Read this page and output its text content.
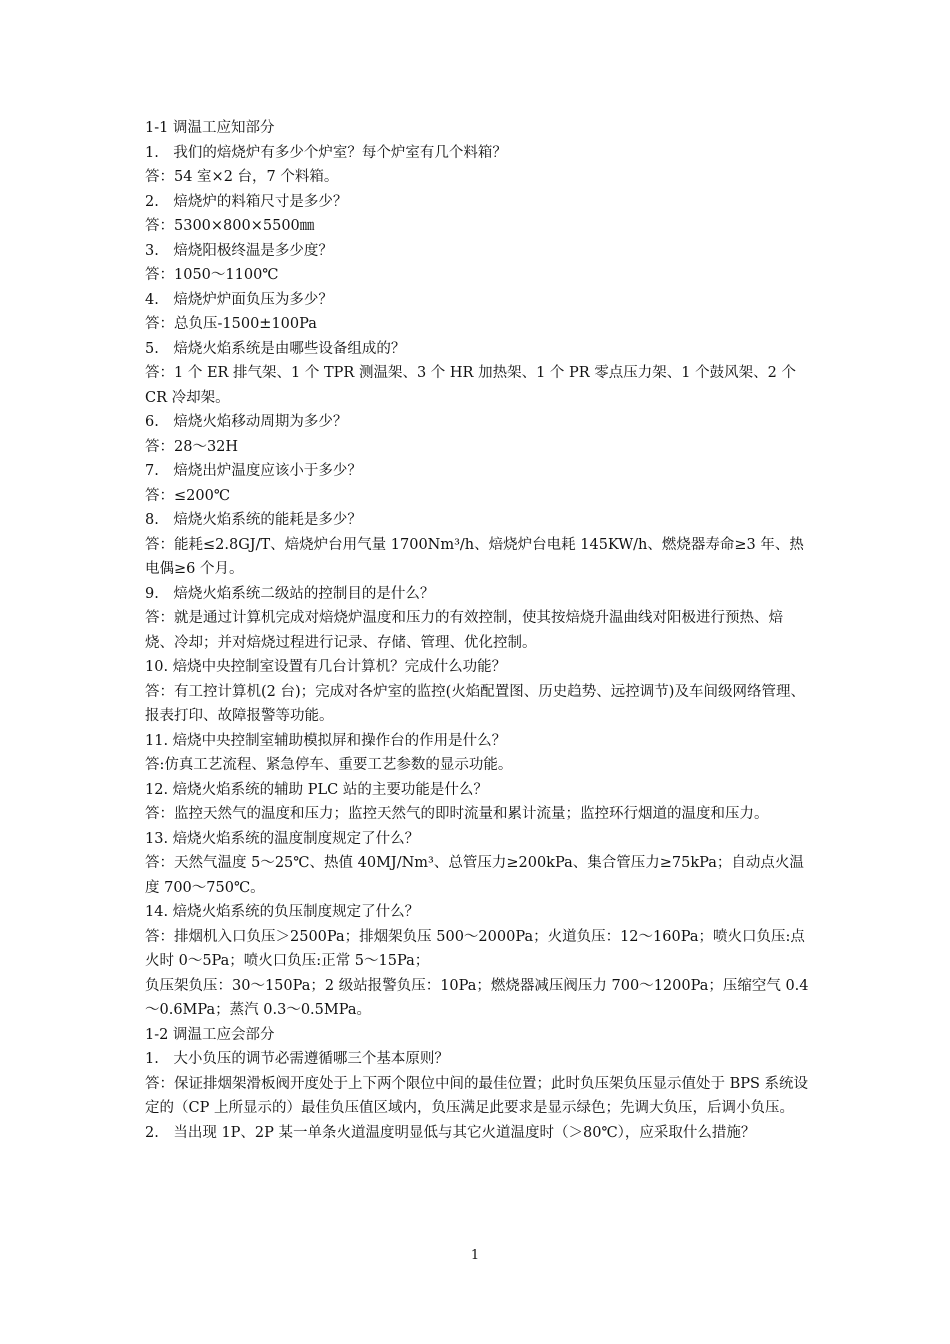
1-1 调温工应知部分

1.　我们的焙烧炉有多少个炉室？每个炉室有几个料箱？

答：54 室×2 台，7 个料箱。

2.　焙烧炉的料箱尺寸是多少？

答：5300×800×5500㎜

3.　焙烧阳极终温是多少度？

答：1050～1100℃

4.　焙烧炉炉面负压为多少？

答：总负压-1500±100Pa

5.　焙烧火焰系统是由哪些设备组成的？

答：1 个 ER 排气架、1 个 TPR 测温架、3 个 HR 加热架、1 个 PR 零点压力架、1 个鼓风架、2 个 CR 冷却架。

6.　焙烧火焰移动周期为多少？

答：28～32H

7.　焙烧出炉温度应该小于多少？

答：≤200℃

8.　焙烧火焰系统的能耗是多少？

答：能耗≤2.8GJ/T、焙烧炉台用气量 1700Nm³/h、焙烧炉台电耗 145KW/h、燃烧器寿命≥3 年、热电偶≥6 个月。

9.　焙烧火焰系统二级站的控制目的是什么？

答：就是通过计算机完成对焙烧炉温度和压力的有效控制，使其按焙烧升温曲线对阳极进行预热、焙烧、冷却；并对焙烧过程进行记录、存储、管理、优化控制。

10. 焙烧中央控制室设置有几台计算机？完成什么功能？

答：有工控计算机(2 台)；完成对各炉室的监控(火焰配置图、历史趋势、远控调节)及车间级网络管理、报表打印、故障报警等功能。

11. 焙烧中央控制室辅助模拟屏和操作台的作用是什么？

答:仿真工艺流程、紧急停车、重要工艺参数的显示功能。

12. 焙烧火焰系统的辅助 PLC 站的主要功能是什么？

答：监控天然气的温度和压力；监控天然气的即时流量和累计流量；监控环行烟道的温度和压力。

13. 焙烧火焰系统的温度制度规定了什么？

答：天然气温度 5～25℃、热值 40MJ/Nm³、总管压力≥200kPa、集合管压力≥75kPa；自动点火温度 700～750℃。

14. 焙烧火焰系统的负压制度规定了什么？

答：排烟机入口负压＞2500Pa；排烟架负压 500～2000Pa；火道负压：12～160Pa；喷火口负压:点火时 0～5Pa；喷火口负压:正常 5～15Pa；

负压架负压：30～150Pa；2 级站报警负压：10Pa；燃烧器减压阀压力 700～1200Pa；压缩空气 0.4～0.6MPa；蒸汽 0.3～0.5MPa。

1-2 调温工应会部分

1.　大小负压的调节必需遵循哪三个基本原则？

答：保证排烟架滑板阀开度处于上下两个限位中间的最佳位置；此时负压架负压显示值处于 BPS 系统设定的（CP 上所显示的）最佳负压值区域内，负压满足此要求是显示绿色；先调大负压，后调小负压。

2.　当出现 1P、2P 某一单条火道温度明显低与其它火道温度时（＞80℃），应采取什么措施？

1
